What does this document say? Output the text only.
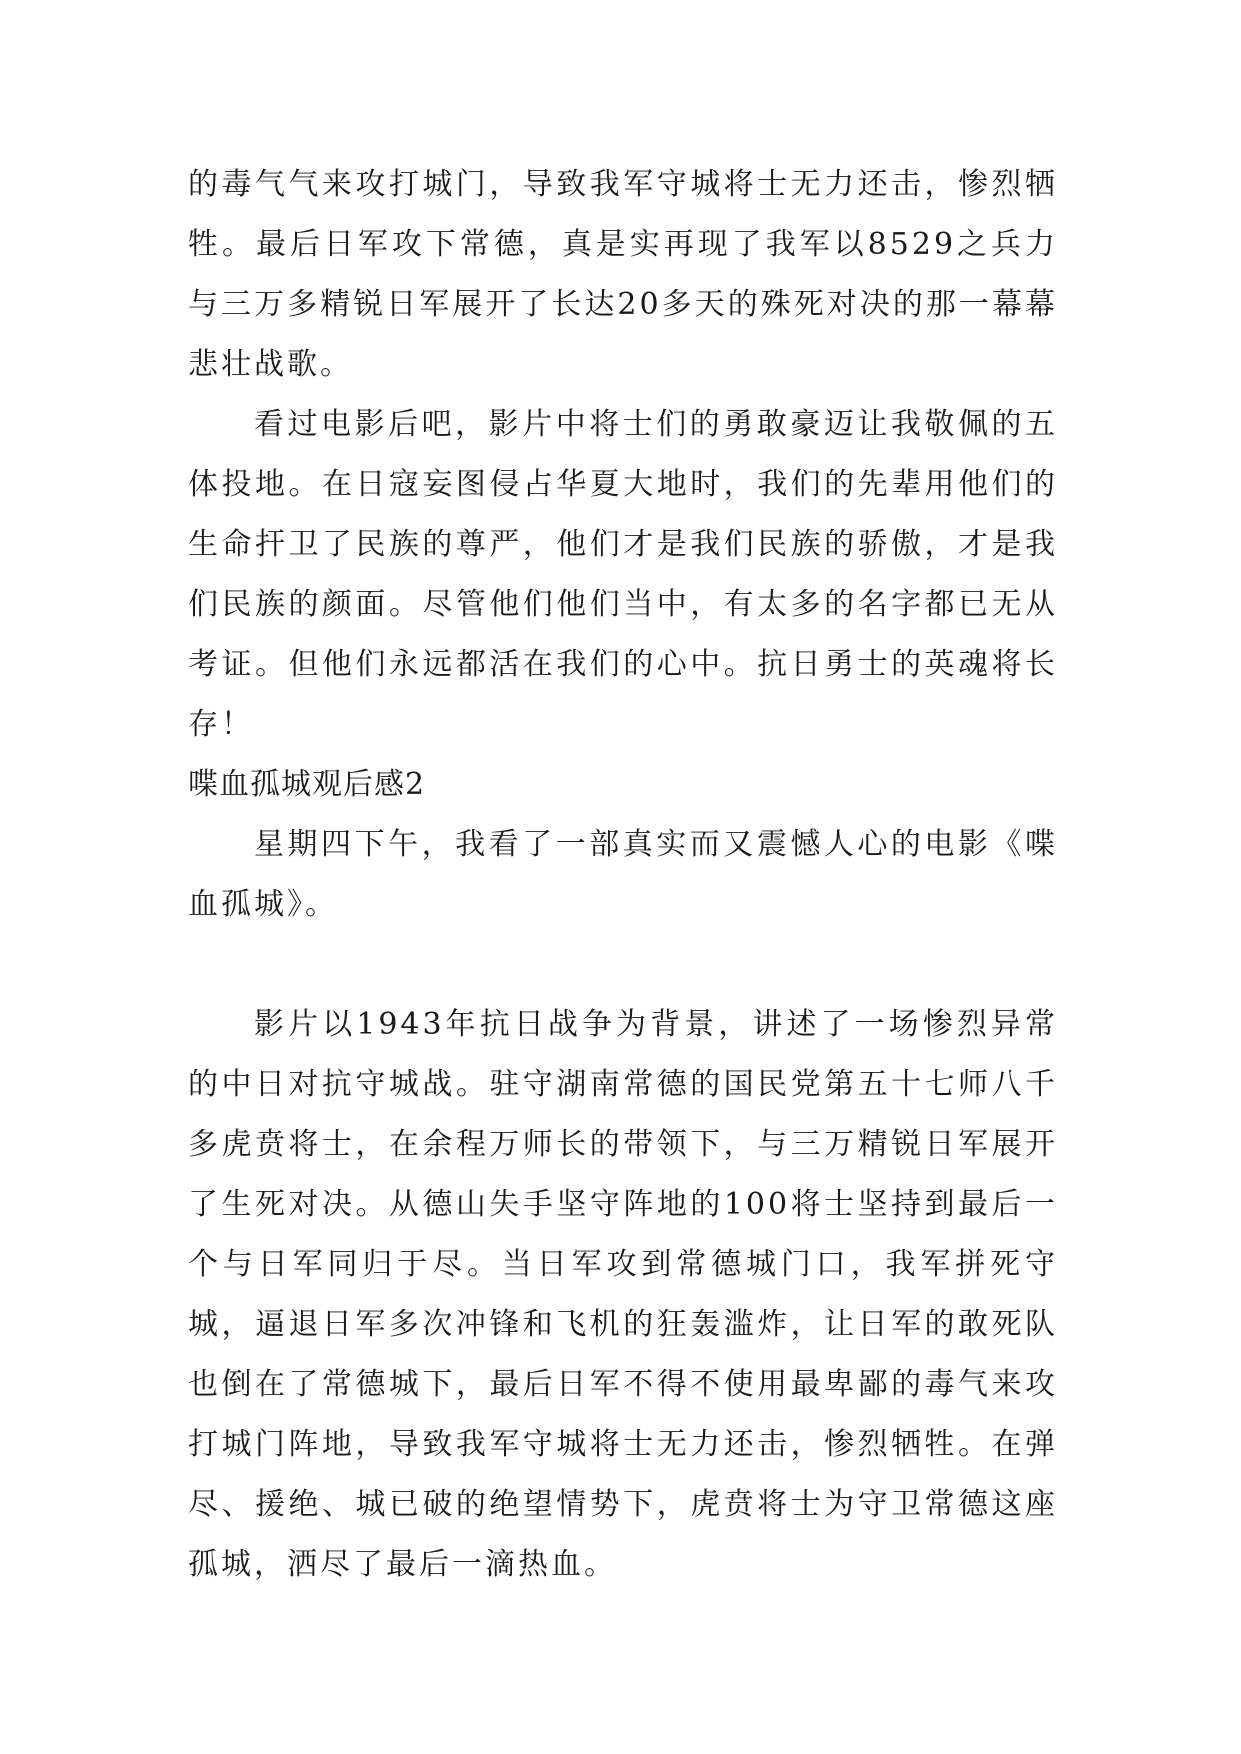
的毒气气来攻打城门，导致我军守城将士无力还击，惨烈牺牲。最后日军攻下常德，真是实再现了我军以8529之兵力与三万多精锐日军展开了长达20多天的殊死对决的那一幕幕悲壮战歌。

看过电影后吧，影片中将士们的勇敢豪迈让我敬佩的五体投地。在日寇妄图侵占华夏大地时，我们的先辈用他们的生命扞卫了民族的尊严，他们才是我们民族的骄傲，才是我们民族的颜面。尽管他们他们当中，有太多的名字都已无从考证。但他们永远都活在我们的心中。抗日勇士的英魂将长存！

喋血孤城观后感2

星期四下午，我看了一部真实而又震憾人心的电影《喋血孤城》。

影片以1943年抗日战争为背景，讲述了一场惨烈异常的中日对抗守城战。驻守湖南常德的国民党第五十七师八千多虎贲将士，在余程万师长的带领下，与三万精锐日军展开了生死对决。从德山失手坚守阵地的100将士坚持到最后一个与日军同归于尽。当日军攻到常德城门口，我军拼死守城，逼退日军多次冲锋和飞机的狂轰滥炸，让日军的敢死队也倒在了常德城下，最后日军不得不使用最卑鄙的毒气来攻打城门阵地，导致我军守城将士无力还击，惨烈牺牲。在弹尽、援绝、城已破的绝望情势下，虎贲将士为守卫常德这座孤城，洒尽了最后一滴热血。
